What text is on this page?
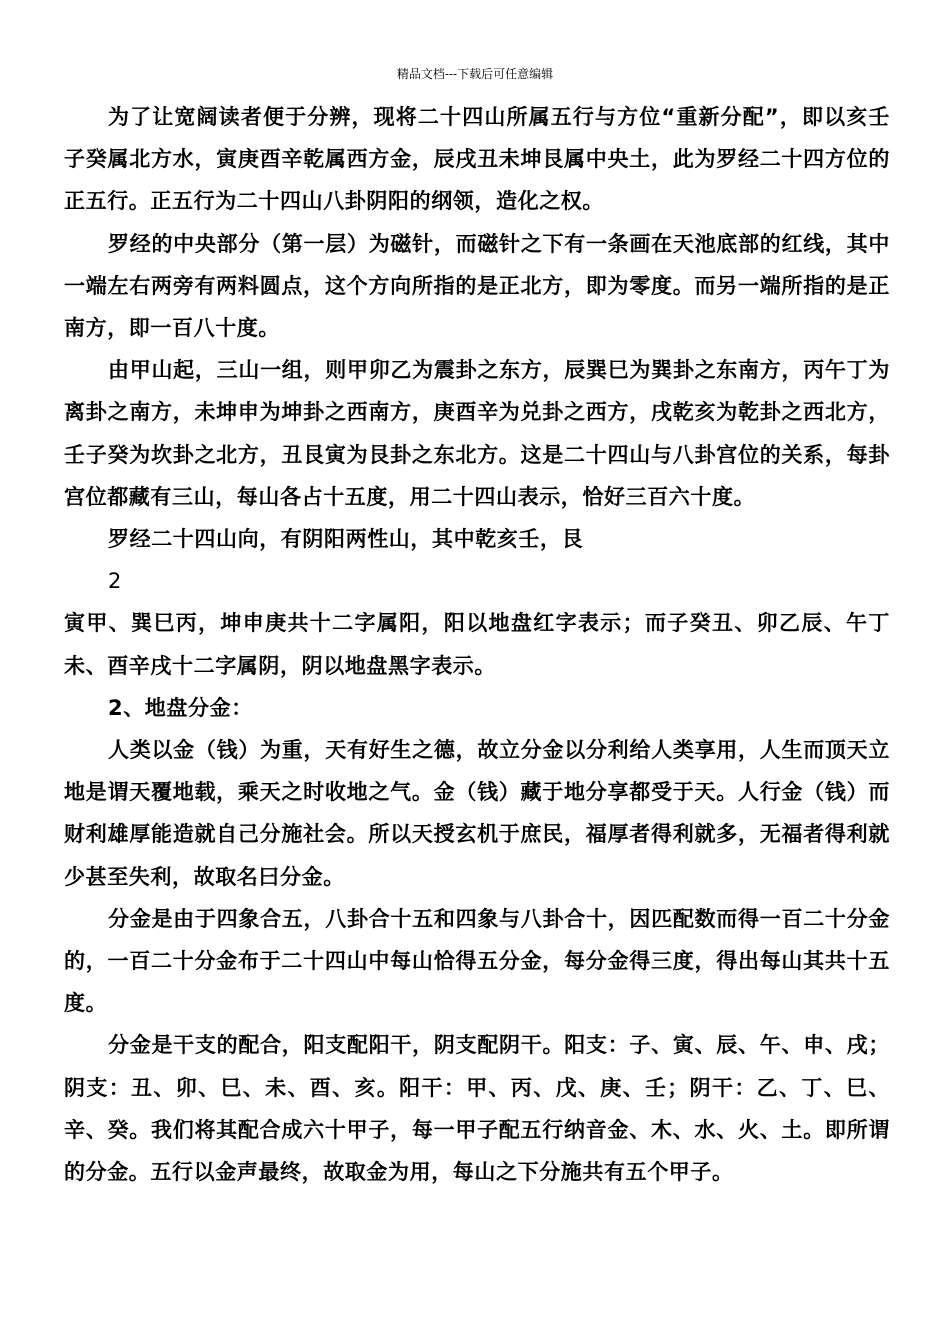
精品文档---下载后可任意编辑

为了让宽阔读者便于分辨，现将二十四山所属五行与方位“重新分配”，即以亥壬子癸属北方水，寅庚酉辛乾属西方金，辰戌丑未坤艮属中央土，此为罗经二十四方位的正五行。正五行为二十四山八卦阴阳的纲领，造化之权。

罗经的中央部分（第一层）为磁针，而磁针之下有一条画在天池底部的红线，其中一端左右两旁有两料圆点，这个方向所指的是正北方，即为零度。而另一端所指的是正南方，即一百八十度。

由甲山起，三山一组，则甲卯乙为震卦之东方，辰巽巳为巽卦之东南方，丙午丁为离卦之南方，未坤申为坤卦之西南方，庚酉辛为兑卦之西方，戌乾亥为乾卦之西北方，壬子癸为坎卦之北方，丑艮寅为艮卦之东北方。这是二十四山与八卦宫位的关系，每卦宫位都藏有三山，每山各占十五度，用二十四山表示，恰好三百六十度。

罗经二十四山向，有阴阳两性山，其中乾亥壬，艮

2

寅甲、巽巳丙，坤申庚共十二字属阳，阳以地盘红字表示；而子癸丑、卯乙辰、午丁未、酉辛戌十二字属阴，阴以地盘黑字表示。

2、地盘分金：

人类以金（钱）为重，天有好生之德，故立分金以分利给人类享用，人生而顶天立地是谓天覆地载，乘天之时收地之气。金（钱）藏于地分享都受于天。人行金（钱）而财利雄厚能造就自己分施社会。所以天授玄机于庶民，福厚者得利就多，无福者得利就少甚至失利，故取名曰分金。

分金是由于四象合五，八卦合十五和四象与八卦合十，因匹配数而得一百二十分金的，一百二十分金布于二十四山中每山恰得五分金，每分金得三度，得出每山其共十五度。

分金是干支的配合，阳支配阳干，阴支配阴干。阳支：子、寅、辰、午、申、戌；阴支：丑、卯、巳、未、酉、亥。阳干：甲、丙、戊、庚、壬；阴干：乙、丁、巳、辛、癸。我们将其配合成六十甲子，每一甲子配五行纳音金、木、水、火、土。即所谓的分金。五行以金声最终，故取金为用，每山之下分施共有五个甲子。
